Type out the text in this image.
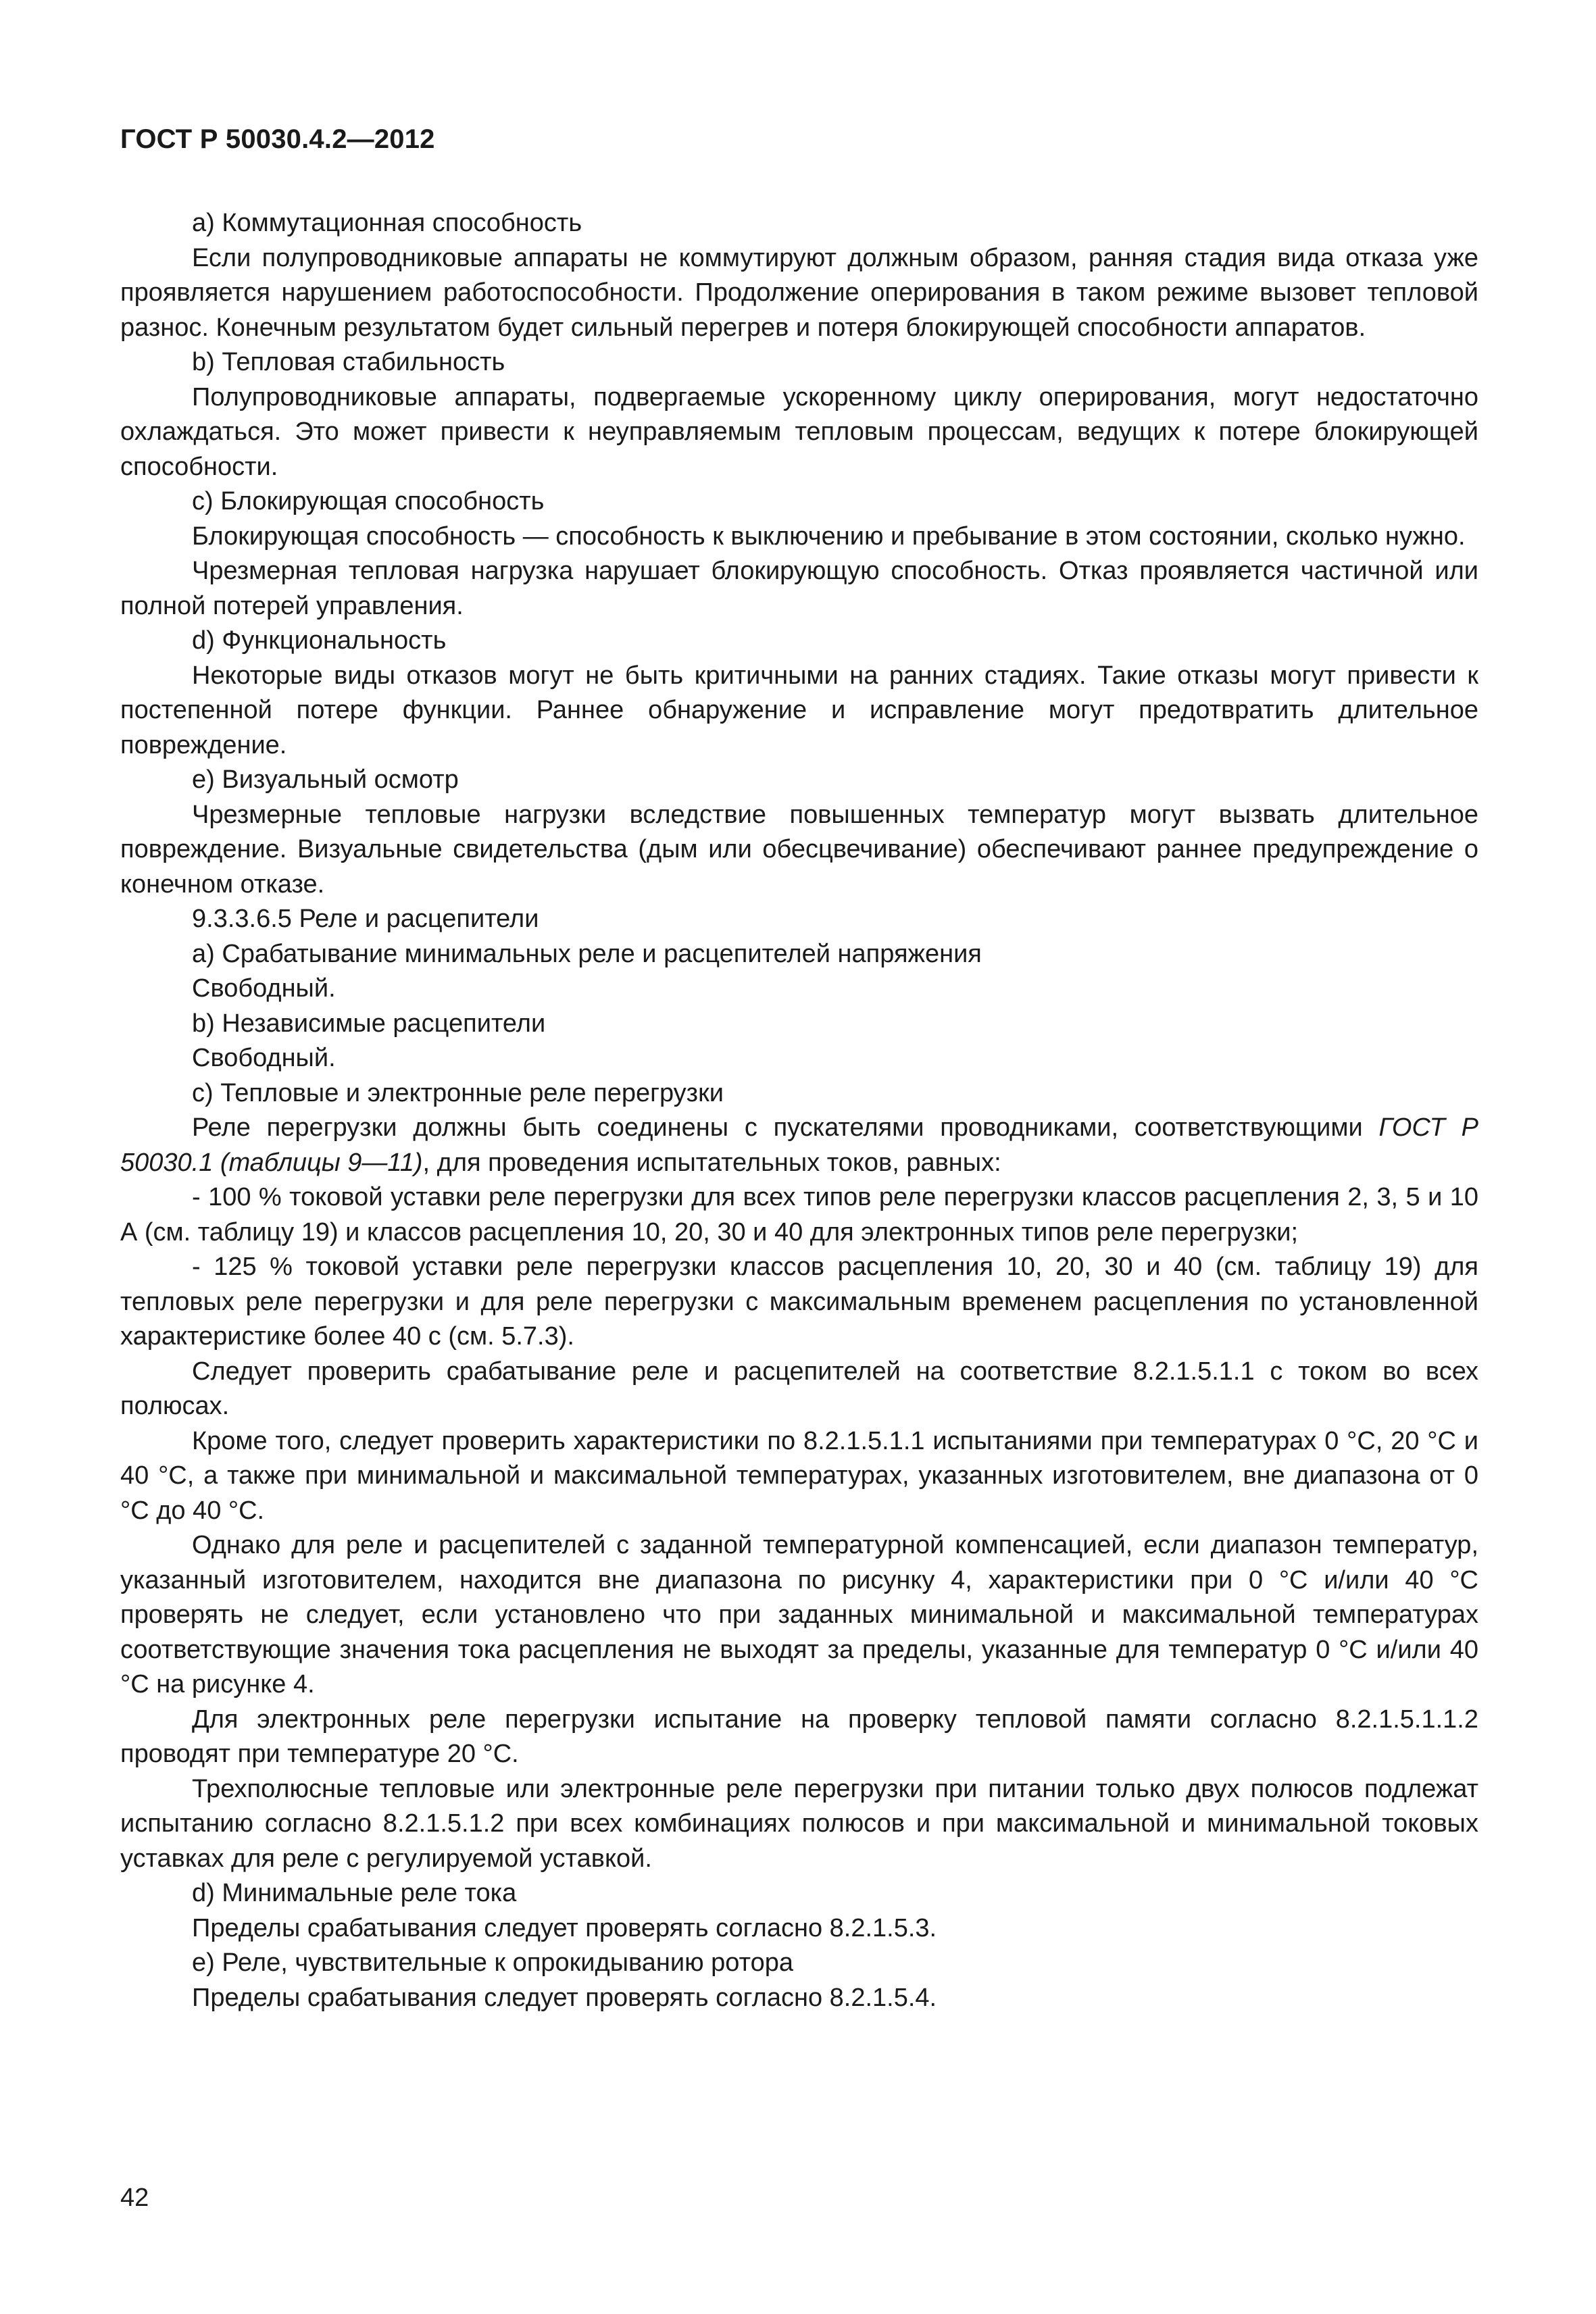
ГОСТ Р 50030.4.2—2012

a) Коммутационная способность

Если полупроводниковые аппараты не коммутируют должным образом, ранняя стадия вида отказа уже проявляется нарушением работоспособности. Продолжение оперирования в таком режиме вызовет тепловой разнос. Конечным результатом будет сильный перегрев и потеря блокирующей способности аппаратов.

b) Тепловая стабильность

Полупроводниковые аппараты, подвергаемые ускоренному циклу оперирования, могут недостаточно охлаждаться. Это может привести к неуправляемым тепловым процессам, ведущих к потере блокирующей способности.

c) Блокирующая способность

Блокирующая способность — способность к выключению и пребывание в этом состоянии, сколько нужно.

Чрезмерная тепловая нагрузка нарушает блокирующую способность. Отказ проявляется частичной или полной потерей управления.

d) Функциональность

Некоторые виды отказов могут не быть критичными на ранних стадиях. Такие отказы могут привести к постепенной потере функции. Раннее обнаружение и исправление могут предотвратить длительное повреждение.

e) Визуальный осмотр

Чрезмерные тепловые нагрузки вследствие повышенных температур могут вызвать длительное повреждение. Визуальные свидетельства (дым или обесцвечивание) обеспечивают раннее предупреждение о конечном отказе.

9.3.3.6.5 Реле и расцепители

a) Срабатывание минимальных реле и расцепителей напряжения

Свободный.

b) Независимые расцепители

Свободный.

c) Тепловые и электронные реле перегрузки

Реле перегрузки должны быть соединены с пускателями проводниками, соответствующими ГОСТ Р 50030.1 (таблицы 9—11), для проведения испытательных токов, равных:

- 100 % токовой уставки реле перегрузки для всех типов реле перегрузки классов расцепления 2, 3, 5 и 10 А (см. таблицу 19) и классов расцепления 10, 20, 30 и 40 для электронных типов реле перегрузки;

- 125 % токовой уставки реле перегрузки классов расцепления 10, 20, 30 и 40 (см. таблицу 19) для тепловых реле перегрузки и для реле перегрузки с максимальным временем расцепления по установленной характеристике более 40 с (см. 5.7.3).

Следует проверить срабатывание реле и расцепителей на соответствие 8.2.1.5.1.1 с током во всех полюсах.

Кроме того, следует проверить характеристики по 8.2.1.5.1.1 испытаниями при температурах 0 °С, 20 °С и 40 °С, а также при минимальной и максимальной температурах, указанных изготовителем, вне диапазона от 0 °С до 40 °С.

Однако для реле и расцепителей с заданной температурной компенсацией, если диапазон температур, указанный изготовителем, находится вне диапазона по рисунку 4, характеристики при 0 °С и/или 40 °С проверять не следует, если установлено что при заданных минимальной и максимальной температурах соответствующие значения тока расцепления не выходят за пределы, указанные для температур 0 °С и/или 40 °С на рисунке 4.

Для электронных реле перегрузки испытание на проверку тепловой памяти согласно 8.2.1.5.1.1.2 проводят при температуре 20 °С.

Трехполюсные тепловые или электронные реле перегрузки при питании только двух полюсов подлежат испытанию согласно 8.2.1.5.1.2 при всех комбинациях полюсов и при максимальной и минимальной токовых уставках для реле с регулируемой уставкой.

d) Минимальные реле тока

Пределы срабатывания следует проверять согласно 8.2.1.5.3.

e) Реле, чувствительные к опрокидыванию ротора

Пределы срабатывания следует проверять согласно 8.2.1.5.4.

42
